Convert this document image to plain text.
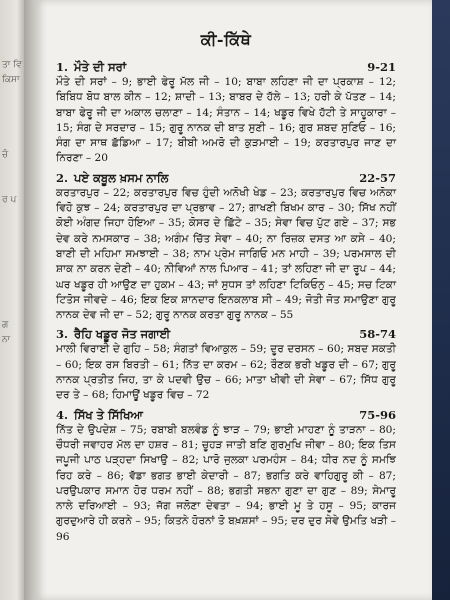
ਤਾ ਵਿ
ਕਿਸਾ
ਚੰ
ਰ ਪ
ਗ
ਨਾ
ਕੀ-ਕਿੱਥੇ
1. ਮੌਤੇ ਦੀ ਸਰਾਂ	9-21

ਮੌਤੇ ਦੀ ਸਰਾਂ – 9; ਭਾਈ ਫੇਰੂ ਮੱਲ ਜੀ – 10; ਬਾਬਾ ਲਹਿਣਾ ਜੀ ਦਾ ਪ੍ਰਕਾਸ਼ – 12; ਬਿਬਿਧ ਬੋਧ ਬਾਲ ਕੀਨ – 12; ਸ਼ਾਦੀ – 13; ਬਾਬਰ ਦੇ ਹੱਲੇ – 13; ਹਰੀ ਕੇ ਪੱਤਣ – 14; ਬਾਬਾ ਫੇਰੂ ਜੀ ਦਾ ਅਕਾਲ ਚਲਾਣਾ – 14; ਸੰਤਾਨ – 14; ਖਡੂਰ ਵਿਖੇ ਹੱਟੀ ਤੇ ਸਾਹੂਕਾਰਾ – 15; ਸੰਗ ਦੇ ਸਰਦਾਰ – 15; ਗੁਰੂ ਨਾਨਕ ਦੀ ਬਾਤ ਸੁਣੀ – 16; ਗੁਰ ਸ਼ਬਦ ਸੁਣਿਓ – 16; ਸੰਗ ਦਾ ਸਾਥ ਛੱਡਿਆ – 17; ਬੀਬੀ ਅਮਰੋ ਦੀ ਕੁੜਮਾਈ – 19; ਕਰਤਾਰਪੁਰ ਜਾਣ ਦਾ ਨਿਰਣਾ – 20

2. ਪਏ ਕਬੂਲ ਖ਼ਸਮ ਨਾਲਿ	22-57

ਕਰਤਾਰਪੁਰ – 22; ਕਰਤਾਰਪੁਰ ਵਿਚ ਹੁੰਦੀ ਅਨੋਖੀ ਖੇਡ – 23; ਕਰਤਾਰਪੁਰ ਵਿਚ ਅਨੋਕਾ ਵਿਹੋ ਕੁਝ – 24; ਕਰਤਾਰਪੁਰ ਦਾ ਪ੍ਰਭਾਵ – 27; ਗਾਖਣੀ ਬਿਖਮ ਕਾਰ – 30; ਸਿੱਖ ਨਹੀਂ ਕੋਈ ਅੰਗਦ ਜਿਹਾ ਹੋਇਆ – 35; ਕੋਸਰ ਦੇ ਛਿੱਟੇ – 35; ਸੇਵਾ ਵਿਚ ਪੁੱਟ ਗਏ – 37; ਸਭ ਦੇਵ ਕਰੇ ਨਮਸਕਾਰ – 38; ਅਗੰਮ ਚਿੱਤ ਸੇਵਾ – 40; ਨਾ ਰਿਜ਼ਕ ਦਸਤ ਆ ਕਸੇ – 40; ਬਾਣੀ ਦੀ ਮਹਿਮਾ ਸਮਝਾਈ – 38; ਨਾਮ ਪ੍ਰੇਮ ਜਾਗਿਓ ਮਨ ਮਾਹੀ – 39; ਪਰਮਸਾਲ ਦੀ ਸ਼ਾਕ ਨਾ ਕਰਨ ਦੇਣੀ – 40; ਨੀਵਿਆਂ ਨਾਲ ਪਿਆਰ – 41; ਤਾਂ ਲਹਿਣਾ ਜੀ ਦਾ ਰੂਪ – 44; ਘਰ ਖਡੂਰ ਹੀ ਆਉਣ ਦਾ ਹੁਕਮ – 43; ਜਾਂ ਸੁਧਸ ਤਾਂ ਲਹਿਣਾ ਟਿਕਿਓਨੁ – 45; ਸਚ ਟਿਕਾ ਟਿਤੋਸ ਜੀਵਦੇ – 46; ਇਕ ਇਕ ਸ਼ਾਨਦਾਰ ਇਨਕਲਾਬ ਸੀ – 49; ਜੋਤੀ ਜੋਤ ਸਮਾਉਣਾ ਗੁਰੂ ਨਾਨਕ ਦੇਵ ਜੀ ਦਾ – 52; ਗੁਰੂ ਨਾਨਕ ਕਰਤਾ ਗੁਰੂ ਨਾਨਕ – 55

3. ਰੈਹਿ ਖਡੂਰ ਜੋਤ ਜਗਾਈ	58-74

ਮਾਲੀ ਵਿਰਾਈ ਦੇ ਗੁਹਿ – 58; ਸੰਗਤਾਂ ਵਿਆਕੁਲ – 59; ਦੂਰ ਦਰਸਨ – 60; ਸਬਦ ਸਕਤੀ – 60; ਇਕ ਰਸ ਬਿਰਤੀ – 61; ਨਿੱਤ ਦਾ ਕਰਮ – 62; ਰੌਣਕ ਭਰੀ ਖਡੂਰ ਦੀ – 67; ਗੁਰੂ ਨਾਨਕ ਪ੍ਰਤੀਤ ਜਿਹ, ਤਾ ਕੇ ਪਦਵੀ ਉਚ – 66; ਮਾਤਾ ਖੀਵੀ ਦੀ ਸੇਵਾ – 67; ਸਿੱਧ ਗੁਰੂ ਦਰ ਤੇ – 68; ਹਿਮਾਊਂ ਖਡੂਰ ਵਿਚ – 72

4. ਸਿੱਖ ਤੇ ਸਿੱਖਿਆ	75-96

ਨਿੱਤ ਦੇ ਉਪਦੇਸ਼ – 75; ਰਬਾਬੀ ਬਲਵੰਡ ਨੂੰ ਝਾੜ – 79; ਭਾਈ ਮਾਹਣਾ ਨੂੰ ਤਾੜਨਾ – 80; ਚੌਧਰੀ ਜਵਾਹਰ ਮੱਲ ਦਾ ਹਸ਼ਰ – 81; ਚੂਹੜ ਜਾਤੀ ਬਣਿ ਗੁਰਮੁਖਿ ਜੀਵਾ – 80; ਇਕ ਤਿਸ ਜਪੂਜੀ ਪਾਠ ਪੜ੍ਹਦਾ ਸਿਖਾਉ – 82; ਪਾਰੋ ਜੁਲਕਾ ਪਰਮਹੰਸ – 84; ਧੀਰ ਨਦ ਨੂੰ ਸਮਝਿ ਰਿਹ ਕਰੇ – 86; ਵੱਡਾ ਭਗਤ ਭਾਈ ਕੇਦਾਰੀ – 87; ਭਗਤਿ ਕਰੇ ਵਾਹਿਗੁਰੂ ਕੀ – 87; ਪਰਉਪਕਾਰ ਸਮਾਨ ਹੋਰ ਧਰਮ ਨਹੀਂ – 88; ਭਗਤੀ ਸਭਨਾ ਗੁਣਾ ਦਾ ਗੁਣ – 89; ਸੇਮਾਰੂ ਨਾਲੇ ਦਰਿਆਈ – 93; ਜੱਗ ਜਲੋਣਾ ਦੇਵਤਾ – 94; ਭਾਈ ਮੂ ਤੇ ਹਸੂ – 95; ਕਾਰਜ ਗੁਰਦੁਆਰੇ ਹੀ ਕਰਨੇ – 95; ਕਿਤਨੇ ਹੋਰਨਾਂ ਤੋ ਬਖ਼ਸ਼ਸਾਂ – 95; ਦਰ ਦੁਰ ਸੇਵੇ ਉਮਤਿ ਖੜੀ – 96
